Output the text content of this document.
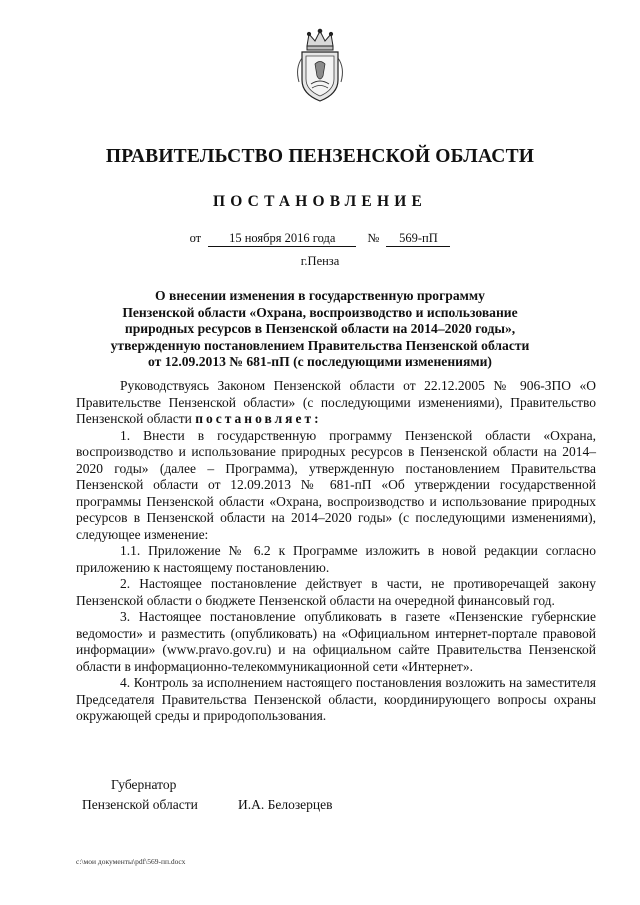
ПРАВИТЕЛЬСТВО ПЕНЗЕНСКОЙ ОБЛАСТИ
ПОСТАНОВЛЕНИЕ
от 15 ноября 2016 года	№ 569-пП
г.Пенза
О внесении изменения в государственную программу
Пензенской области «Охрана, воспроизводство и использование
природных ресурсов в Пензенской области на 2014–2020 годы»,
утвержденную постановлением Правительства Пензенской области
от 12.09.2013 № 681-пП (с последующими изменениями)

Руководствуясь Законом Пензенской области от 22.12.2005 № 906-ЗПО «О Правительстве Пензенской области» (с последующими изменениями), Правительство Пензенской области постановляет:

1. Внести в государственную программу Пензенской области «Охрана, воспроизводство и использование природных ресурсов в Пензенской области на 2014–2020 годы» (далее – Программа), утвержденную постановлением Правительства Пензенской области от 12.09.2013 № 681-пП «Об утверждении государственной программы Пензенской области «Охрана, воспроизводство и использование природных ресурсов в Пензенской области на 2014–2020 годы» (с последующими изменениями), следующее изменение:

1.1. Приложение № 6.2 к Программе изложить в новой редакции согласно приложению к настоящему постановлению.

2. Настоящее постановление действует в части, не противоречащей закону Пензенской области о бюджете Пензенской области на очередной финансовый год.

3. Настоящее постановление опубликовать в газете «Пензенские губернские ведомости» и разместить (опубликовать) на «Официальном интернет-портале правовой информации» (www.pravo.gov.ru) и на официальном сайте Правительства Пензенской области в информационно-телекоммуникационной сети «Интернет».

4. Контроль за исполнением настоящего постановления возложить на заместителя Председателя Правительства Пензенской области, координирующего вопросы охраны окружающей среды и природопользования.

Губернатор
Пензенской области	И.А. Белозерцев
c:\мои документы\pdf\569-пп.docx
